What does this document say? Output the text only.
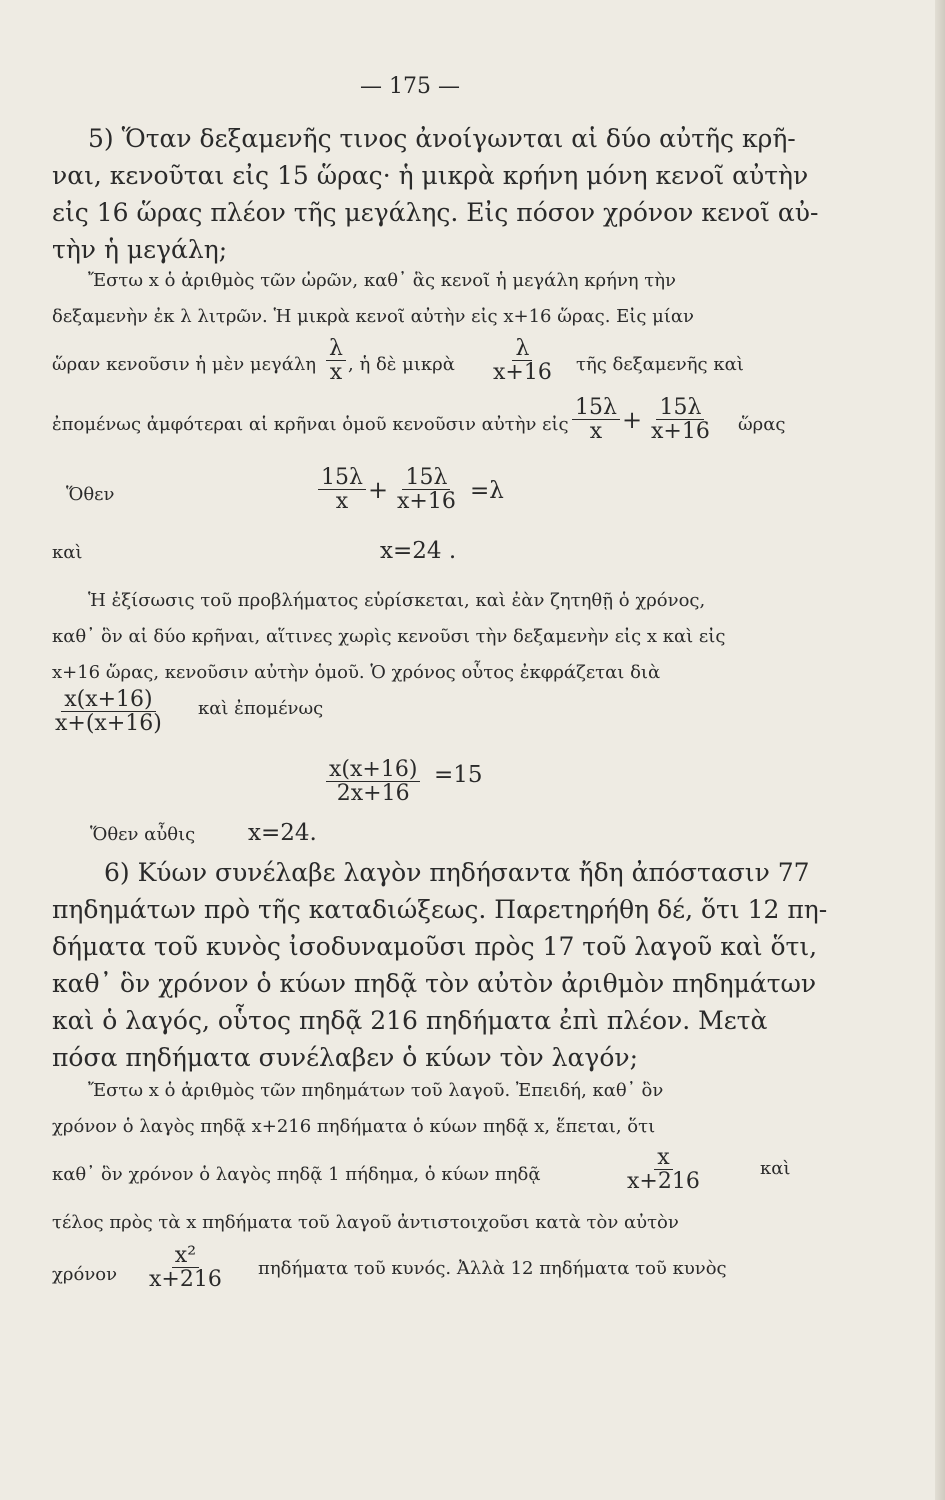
— 175 —
5) Ὅταν δεξαμενῆς τινος ἀνοίγωνται αἱ δύο αὐτῆς κρῆ-
ναι, κενοῦται εἰς 15 ὥρας· ἡ μικρὰ κρήνη μόνη κενοῖ αὐτὴν
εἰς 16 ὥρας πλέον τῆς μεγάλης. Εἰς πόσον χρόνον κενοῖ αὐ-
τὴν ἡ μεγάλη;
Ἔστω x ὁ ἀριθμὸς τῶν ὡρῶν, καθ᾽ ἃς κενοῖ ἡ μεγάλη κρήνη τὴν
δεξαμενὴν ἐκ λ λιτρῶν. Ἡ μικρὰ κενοῖ αὐτὴν εἰς x+16 ὥρας. Εἰς μίαν
ὥραν κενοῦσιν ἡ μὲν μεγάλη $\frac{\lambda}{x}$ , ἡ δὲ μικρὰ $\frac{\lambda}{x+16}$ τῆς δεξαμενῆς καὶ
ἐπομένως ἀμφότεραι αἱ κρῆναι ὁμοῦ κενοῦσιν αὐτὴν εἰς $\frac{15\lambda}{x} + \frac{15\lambda}{x+16}$ ὥρας
Ὅθεν	$\frac{15\lambda}{x} + \frac{15\lambda}{x+16} =\lambda$
καὶ	x=24 .
Ἡ ἐξίσωσις τοῦ προβλήματος εὑρίσκεται, καὶ ἐὰν ζητηθῇ ὁ χρόνος,
καθ᾽ ὃν αἱ δύο κρῆναι, αἵτινες χωρὶς κενοῦσι τὴν δεξαμενὴν εἰς x καὶ εἰς
x+16 ὥρας, κενοῦσιν αὐτὴν ὁμοῦ. Ὁ χρόνος οὗτος ἐκφράζεται διὰ
$\frac{x(x+16)}{x+(x+16)}$ καὶ ἐπομένως
$\frac{x(x+16)}{2x+16} =15$
Ὅθεν αὖθις x=24.
6) Κύων συνέλαβε λαγὸν πηδήσαντα ἤδη ἀπόστασιν 77
πηδημάτων πρὸ τῆς καταδιώξεως. Παρετηρήθη δέ, ὅτι 12 πη-
δήματα τοῦ κυνὸς ἰσοδυναμοῦσι πρὸς 17 τοῦ λαγοῦ καὶ ὅτι,
καθ᾽ ὃν χρόνον ὁ κύων πηδᾷ τὸν αὐτὸν ἀριθμὸν πηδημάτων
καὶ ὁ λαγός, οὗτος πηδᾷ 216 πηδήματα ἐπὶ πλέον. Μετὰ
πόσα πηδήματα συνέλαβεν ὁ κύων τὸν λαγόν;
Ἔστω x ὁ ἀριθμὸς τῶν πηδημάτων τοῦ λαγοῦ. Ἐπειδή, καθ᾽ ὃν
χρόνον ὁ λαγὸς πηδᾷ x+216 πηδήματα ὁ κύων πηδᾷ x, ἕπεται, ὅτι
καθ᾽ ὃν χρόνον ὁ λαγὸς πηδᾷ 1 πήδημα, ὁ κύων πηδᾷ	$\frac{x}{x+216}$	καὶ
τέλος πρὸς τὰ x πηδήματα τοῦ λαγοῦ ἀντιστοιχοῦσι κατὰ τὸν αὐτὸν
χρόνον $\frac{\text{x²}}{x+216}$ πηδήματα τοῦ κυνός. Ἀλλὰ 12 πηδήματα τοῦ κυνὸς
